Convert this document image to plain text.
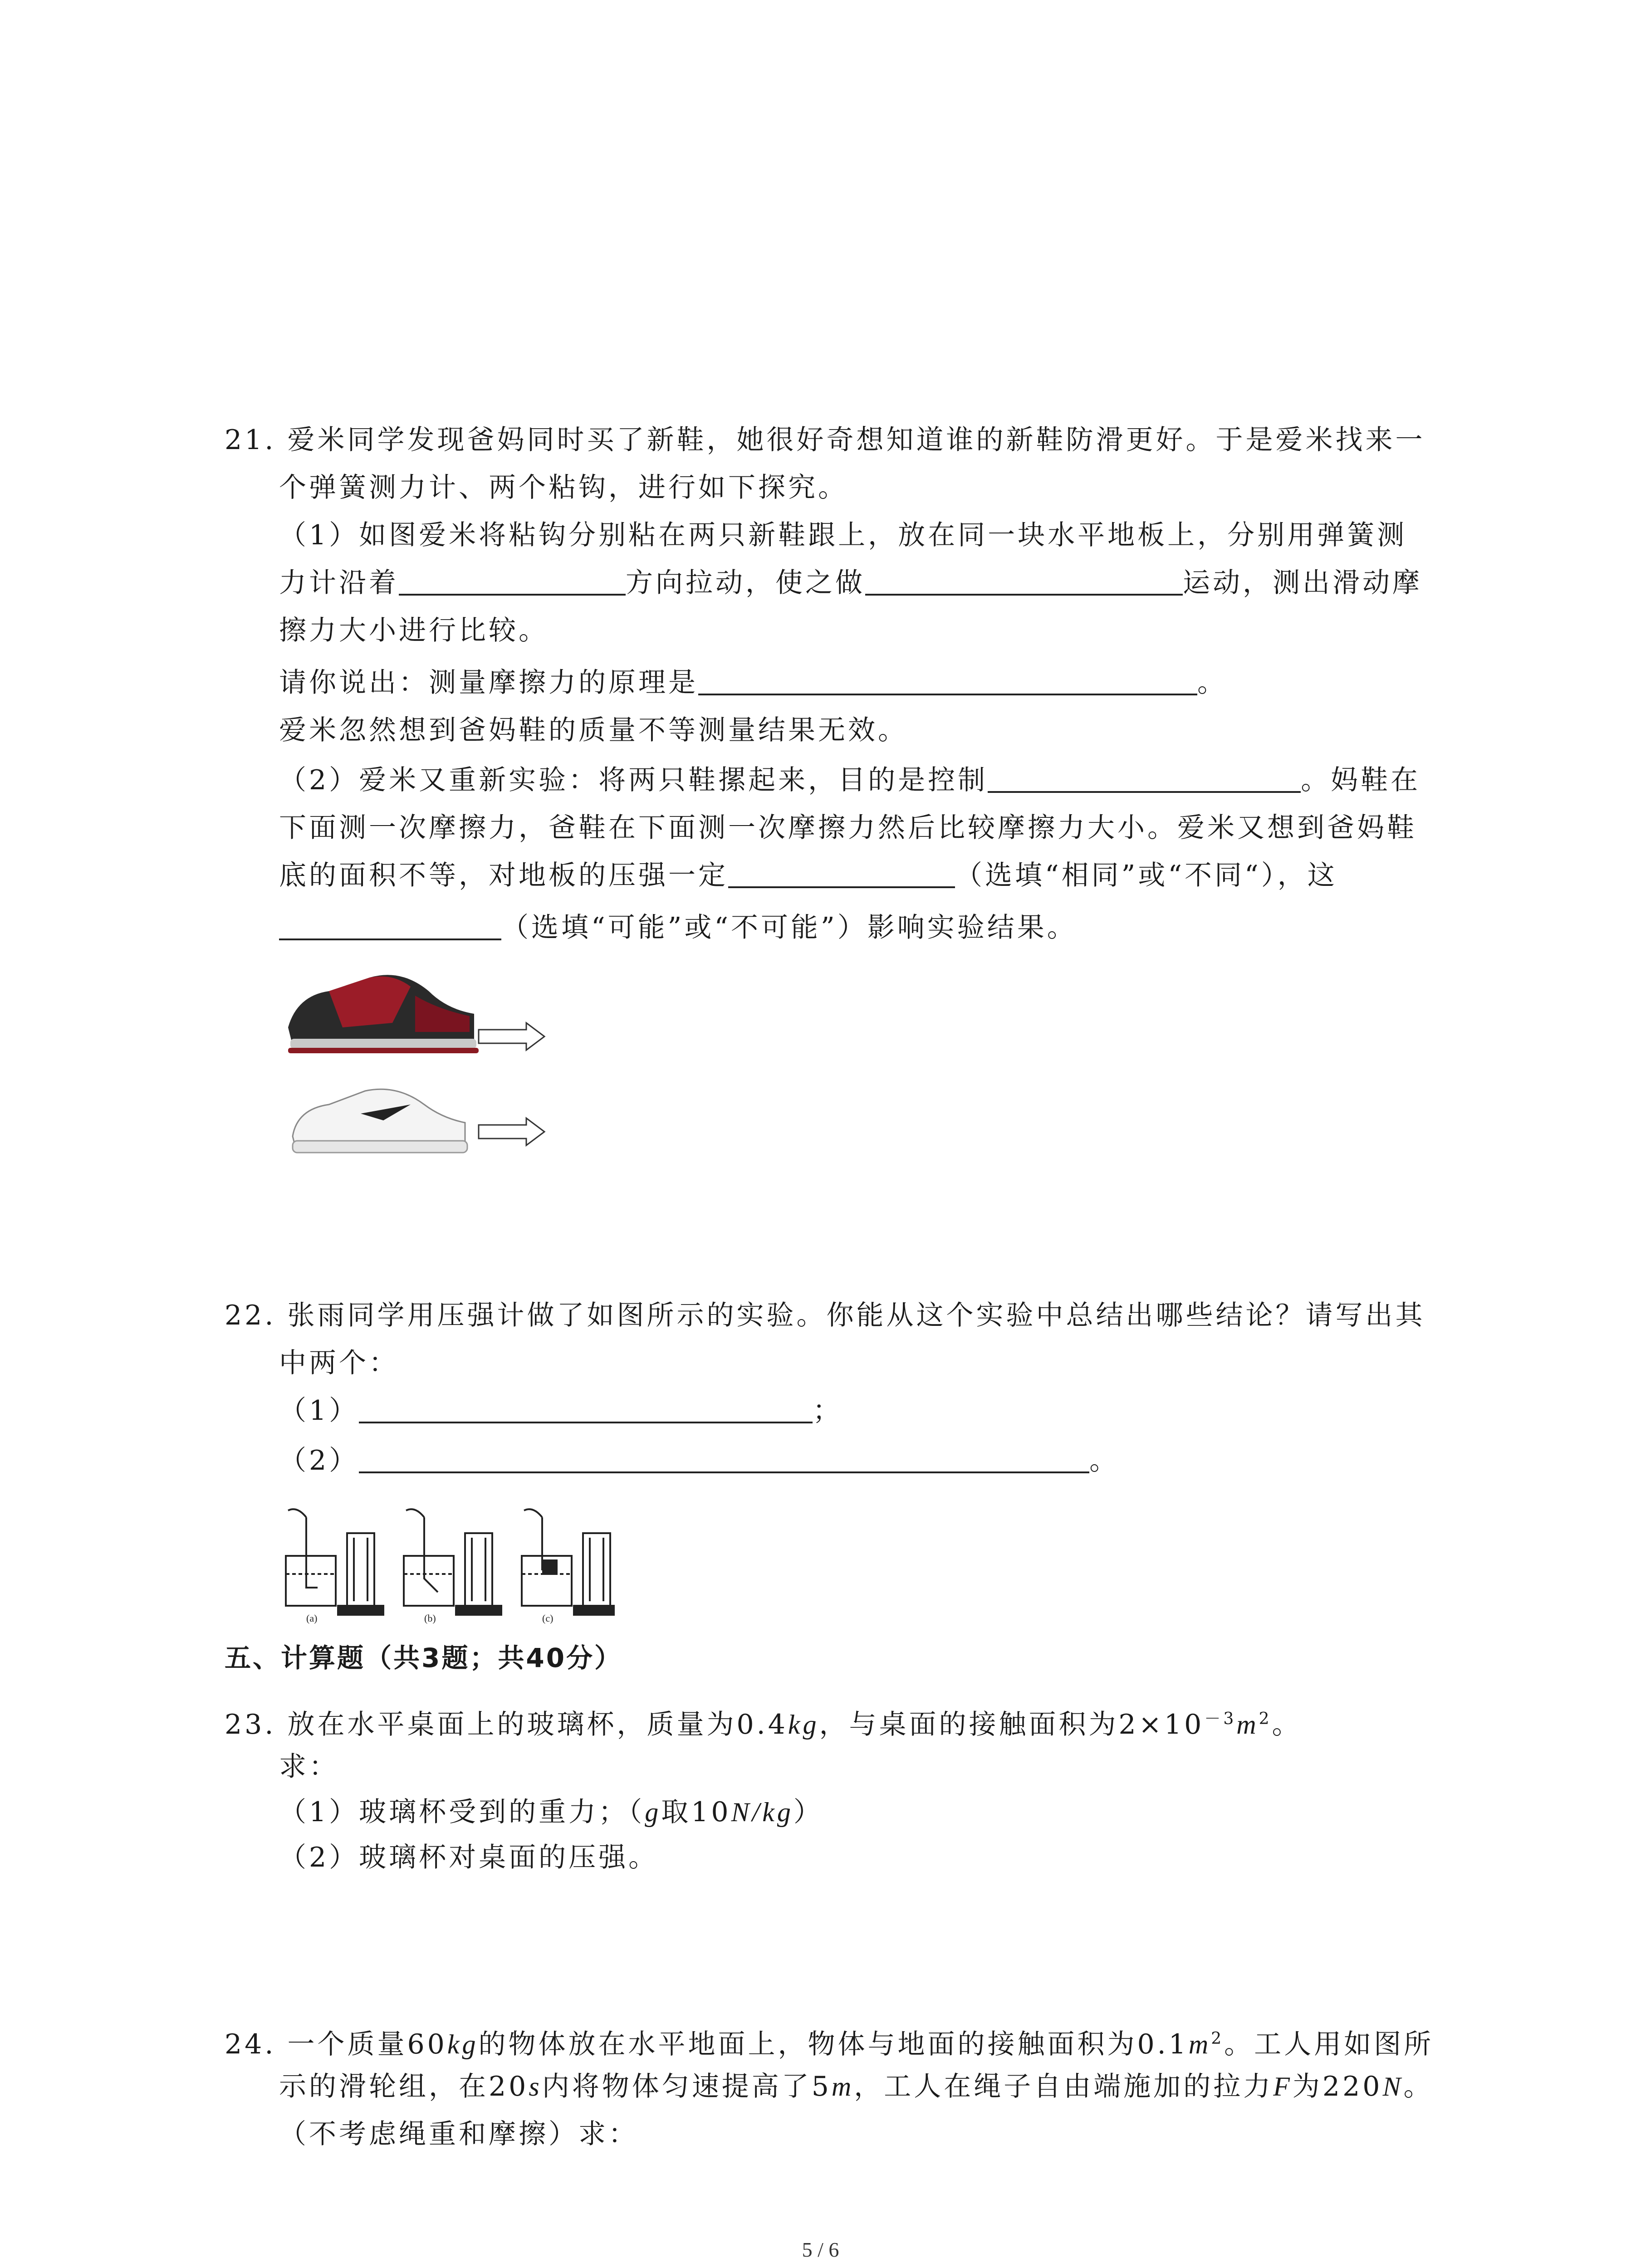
21. 爱米同学发现爸妈同时买了新鞋，她很好奇想知道谁的新鞋防滑更好。于是爱米找来一
个弹簧测力计、两个粘钩，进行如下探究。
（1）如图爱米将粘钩分别粘在两只新鞋跟上，放在同一块水平地板上，分别用弹簧测
力计沿着	方向拉动，使之做	运动，测出滑动摩
擦力大小进行比较。
请你说出：测量摩擦力的原理是	。
爱米忽然想到爸妈鞋的质量不等测量结果无效。
（2）爱米又重新实验：将两只鞋摞起来，目的是控制	。妈鞋在
下面测一次摩擦力，爸鞋在下面测一次摩擦力然后比较摩擦力大小。爱米又想到爸妈鞋
底的面积不等，对地板的压强一定	（选填“相同”或“不同“），这
（选填“可能”或“不可能”）影响实验结果。
22. 张雨同学用压强计做了如图所示的实验。你能从这个实验中总结出哪些结论？请写出其
中两个：
（1）	；
（2）	。
(a)	(b)	(c)
五、计算题（共3题；共40分）
23. 放在水平桌面上的玻璃杯，质量为0.4kg，与桌面的接触面积为$2\times 10^{-3}m^2$。
求：
（1）玻璃杯受到的重力；（g取10N/kg）
（2）玻璃杯对桌面的压强。
24. 一个质量60kg的物体放在水平地面上，物体与地面的接触面积为$0.1m^2$。工人用如图所
示的滑轮组，在20s内将物体匀速提高了5m，工人在绳子自由端施加的拉力F为220N。
（不考虑绳重和摩擦）求：
5 / 6
